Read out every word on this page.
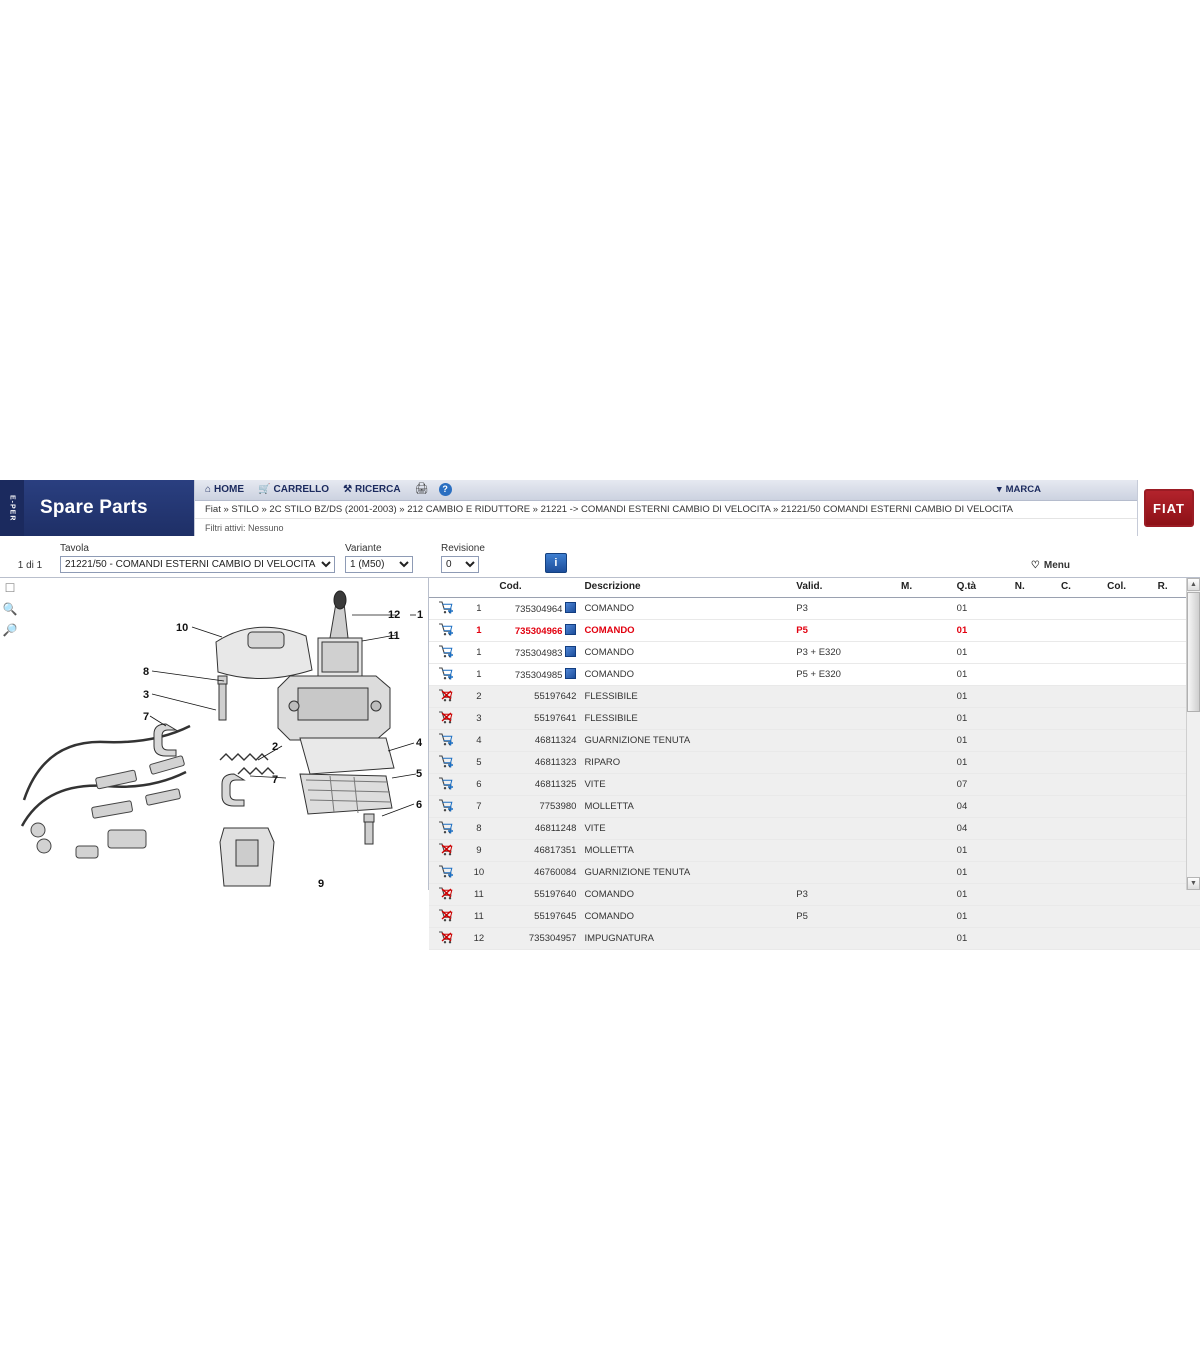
E-PER	Spare Parts
⌂ HOME 🛒 CARRELLO ⚒ RICERCA 🖨	?	▾ MARCA
Fiat » STILO » 2C STILO BZ/DS (2001-2003) » 212 CAMBIO E RIDUTTORE » 21221 -> COMANDI ESTERNI CAMBIO DI VELOCITA » 21221/50 COMANDI ESTERNI CAMBIO DI VELOCITA
Filtri attivi: Nessuno
FIAT
1 di 1
Tavola
21221/50 - COMANDI ESTERNI CAMBIO DI VELOCITA	Variante
1 (M50)	Revisione
0
i	♡ Menu
☐
🔍
🔎
12 1
11
10
8
3
7
2
7
4
5
6
9
		Cod.	Descrizione	Valid.	M.	Q.tà	N.	C.	Col.	R.

	1	735304964	COMANDO	P3		01				

	1	735304966	COMANDO	P5		01				

	1	735304983	COMANDO	P3 + E320		01				

	1	735304985	COMANDO	P5 + E320		01				

	2	55197642	FLESSIBILE			01				

	3	55197641	FLESSIBILE			01				

	4	46811324	GUARNIZIONE TENUTA			01				

	5	46811323	RIPARO			01				

	6	46811325	VITE			07				

	7	7753980	MOLLETTA			04				

	8	46811248	VITE			04				

	9	46817351	MOLLETTA			01				

	10	46760084	GUARNIZIONE TENUTA			01				

	11	55197640	COMANDO	P3		01				

	11	55197645	COMANDO	P5		01				

	12	735304957	IMPUGNATURA			01				
▲
▼
